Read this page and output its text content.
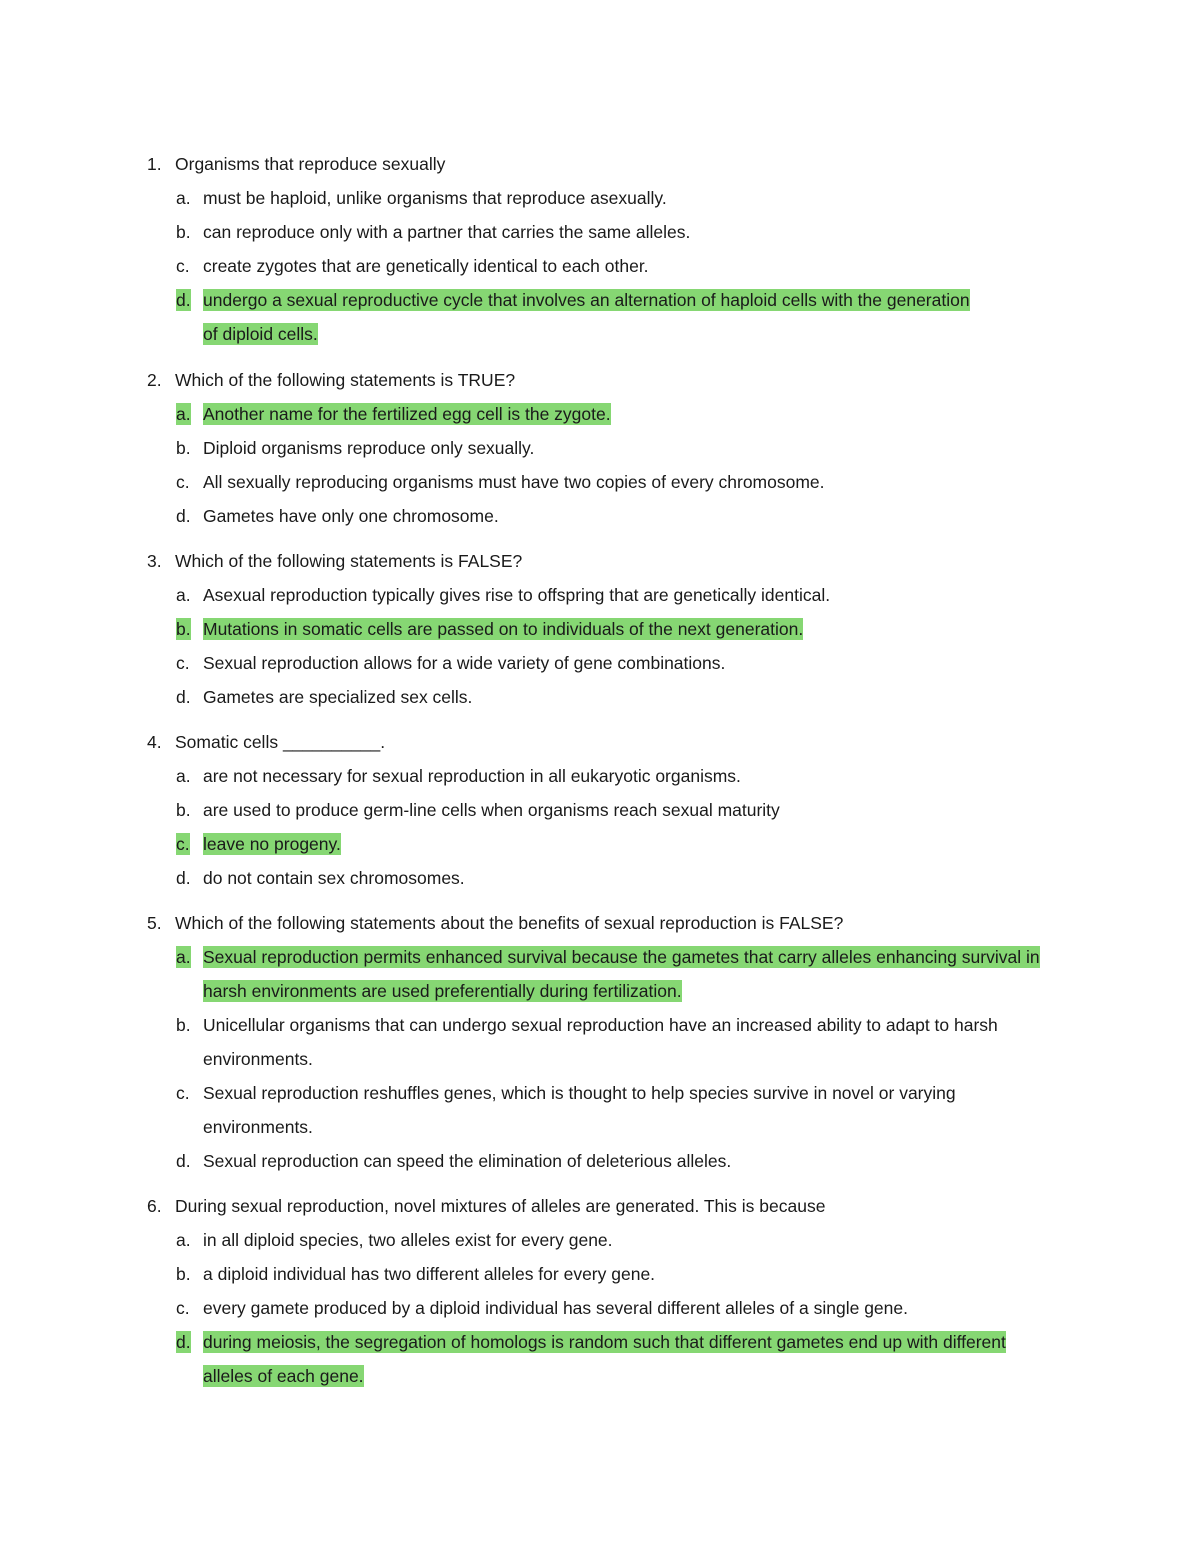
1. Organisms that reproduce sexually
a. must be haploid, unlike organisms that reproduce asexually.
b. can reproduce only with a partner that carries the same alleles.
c. create zygotes that are genetically identical to each other.
d. undergo a sexual reproductive cycle that involves an alternation of haploid cells with the generation of diploid cells.
2. Which of the following statements is TRUE?
a. Another name for the fertilized egg cell is the zygote.
b. Diploid organisms reproduce only sexually.
c. All sexually reproducing organisms must have two copies of every chromosome.
d. Gametes have only one chromosome.
3. Which of the following statements is FALSE?
a. Asexual reproduction typically gives rise to offspring that are genetically identical.
b. Mutations in somatic cells are passed on to individuals of the next generation.
c. Sexual reproduction allows for a wide variety of gene combinations.
d. Gametes are specialized sex cells.
4. Somatic cells __________.
a. are not necessary for sexual reproduction in all eukaryotic organisms.
b. are used to produce germ-line cells when organisms reach sexual maturity
c. leave no progeny.
d. do not contain sex chromosomes.
5. Which of the following statements about the benefits of sexual reproduction is FALSE?
a. Sexual reproduction permits enhanced survival because the gametes that carry alleles enhancing survival in harsh environments are used preferentially during fertilization.
b. Unicellular organisms that can undergo sexual reproduction have an increased ability to adapt to harsh environments.
c. Sexual reproduction reshuffles genes, which is thought to help species survive in novel or varying environments.
d. Sexual reproduction can speed the elimination of deleterious alleles.
6. During sexual reproduction, novel mixtures of alleles are generated. This is because
a. in all diploid species, two alleles exist for every gene.
b. a diploid individual has two different alleles for every gene.
c. every gamete produced by a diploid individual has several different alleles of a single gene.
d. during meiosis, the segregation of homologs is random such that different gametes end up with different alleles of each gene.
